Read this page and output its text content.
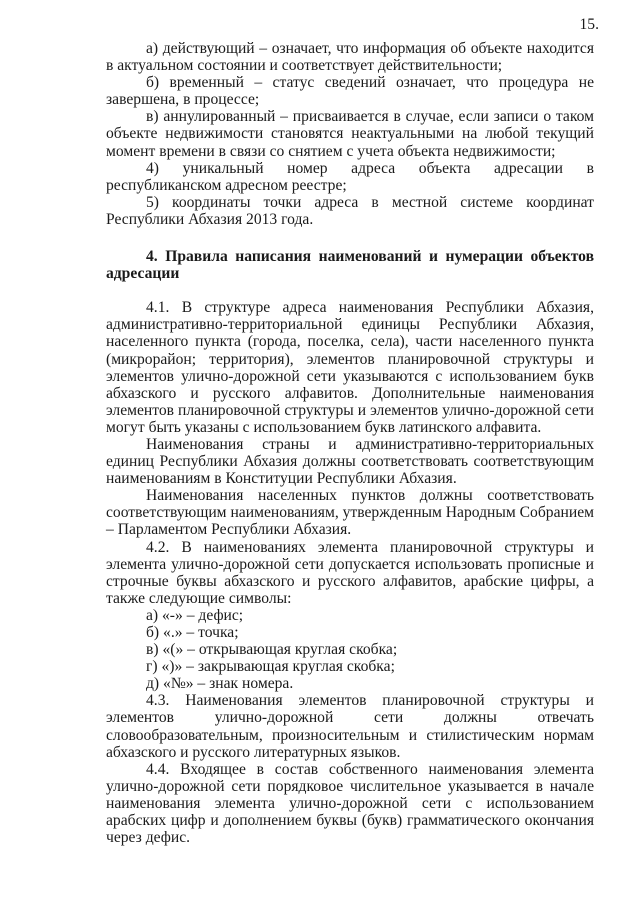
15.

а) действующий – означает, что информация об объекте находится в актуальном состоянии и соответствует действительности;

б) временный – статус сведений означает, что процедура не завершена, в процессе;

в) аннулированный – присваивается в случае, если записи о таком объекте недвижимости становятся неактуальными на любой текущий момент времени в связи со снятием с учета объекта недвижимости;

4) уникальный номер адреса объекта адресации в республиканском адресном реестре;

5) координаты точки адреса в местной системе координат Республики Абхазия 2013 года.

4. Правила написания наименований и нумерации объектов адресации

4.1. В структуре адреса наименования Республики Абхазия, административно-территориальной единицы Республики Абхазия, населенного пункта (города, поселка, села), части населенного пункта (микрорайон; территория), элементов планировочной структуры и элементов улично-дорожной сети указываются с использованием букв абхазского и русского алфавитов. Дополнительные наименования элементов планировочной структуры и элементов улично-дорожной сети могут быть указаны с использованием букв латинского алфавита.

Наименования страны и административно-территориальных единиц Республики Абхазия должны соответствовать соответствующим наименованиям в Конституции Республики Абхазия.

Наименования населенных пунктов должны соответствовать соответствующим наименованиям, утвержденным Народным Собранием – Парламентом Республики Абхазия.

4.2. В наименованиях элемента планировочной структуры и элемента улично-дорожной сети допускается использовать прописные и строчные буквы абхазского и русского алфавитов, арабские цифры, а также следующие символы:

а) «-» – дефис;

б) «.» – точка;

в) «(» – открывающая круглая скобка;

г) «)» – закрывающая круглая скобка;

д) «№» – знак номера.

4.3. Наименования элементов планировочной структуры и элементов улично-дорожной сети должны отвечать словообразовательным, произносительным и стилистическим нормам абхазского и русского литературных языков.

4.4. Входящее в состав собственного наименования элемента улично-дорожной сети порядковое числительное указывается в начале наименования элемента улично-дорожной сети с использованием арабских цифр и дополнением буквы (букв) грамматического окончания через дефис.
